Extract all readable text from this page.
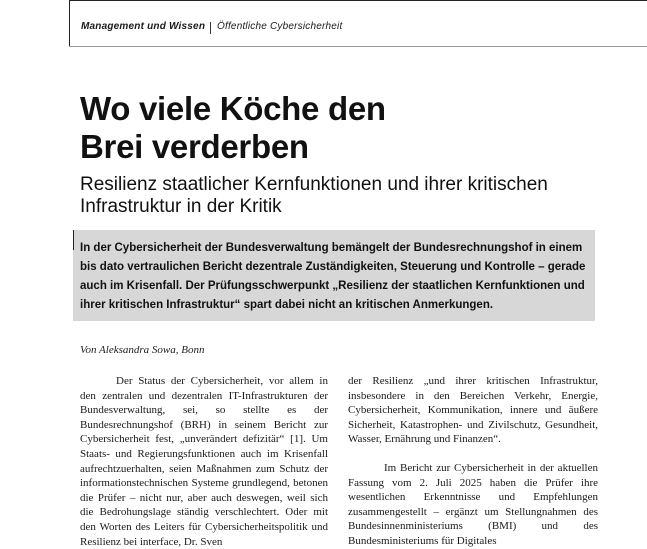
Management und Wissen Öffentliche Cybersicherheit
Wo viele Köche den
Brei verderben
Resilienz staatlicher Kernfunktionen und ihrer kritischen
Infrastruktur in der Kritik

In der Cybersicherheit der Bundesverwaltung bemängelt der Bundesrechnungshof in einem bis dato vertraulichen Bericht dezentrale Zuständigkeiten, Steuerung und Kontrolle – gerade auch im Krisenfall. Der Prüfungsschwerpunkt „Resilienz der staatlichen Kernfunktionen und ihrer kritischen Infrastruktur“ spart dabei nicht an kritischen Anmerkungen.

Von Aleksandra Sowa, Bonn

Der Status der Cybersicherheit, vor allem in den zentralen und dezentralen IT-Infrastrukturen der Bundesverwaltung, sei, so stellte es der Bundesrechnungshof (BRH) in seinem Bericht zur Cybersicherheit fest, „unverändert defizitär“ [1]. Um Staats- und Regierungsfunktionen auch im Krisenfall aufrechtzuerhalten, seien Maßnahmen zum Schutz der informationstechnischen Systeme grundlegend, betonen die Prüfer – nicht nur, aber auch deswegen, weil sich die Bedrohungslage ständig verschlechtert. Oder mit den Worten des Leiters für Cybersicherheitspolitik und Resilienz bei interface, Dr. Sven

der Resilienz „und ihrer kritischen Infrastruktur, insbesondere in den Bereichen Verkehr, Energie, Cybersicherheit, Kommunikation, innere und äußere Sicherheit, Katastrophen- und Zivilschutz, Gesundheit, Wasser, Ernährung und Finanzen“.

Im Bericht zur Cybersicherheit in der aktuellen Fassung vom 2. Juli 2025 haben die Prüfer ihre wesentlichen Erkenntnisse und Empfehlungen zusammengestellt – ergänzt um Stellungnahmen des Bundesinnenministeriums (BMI) und des Bundesministeriums für Digitales
